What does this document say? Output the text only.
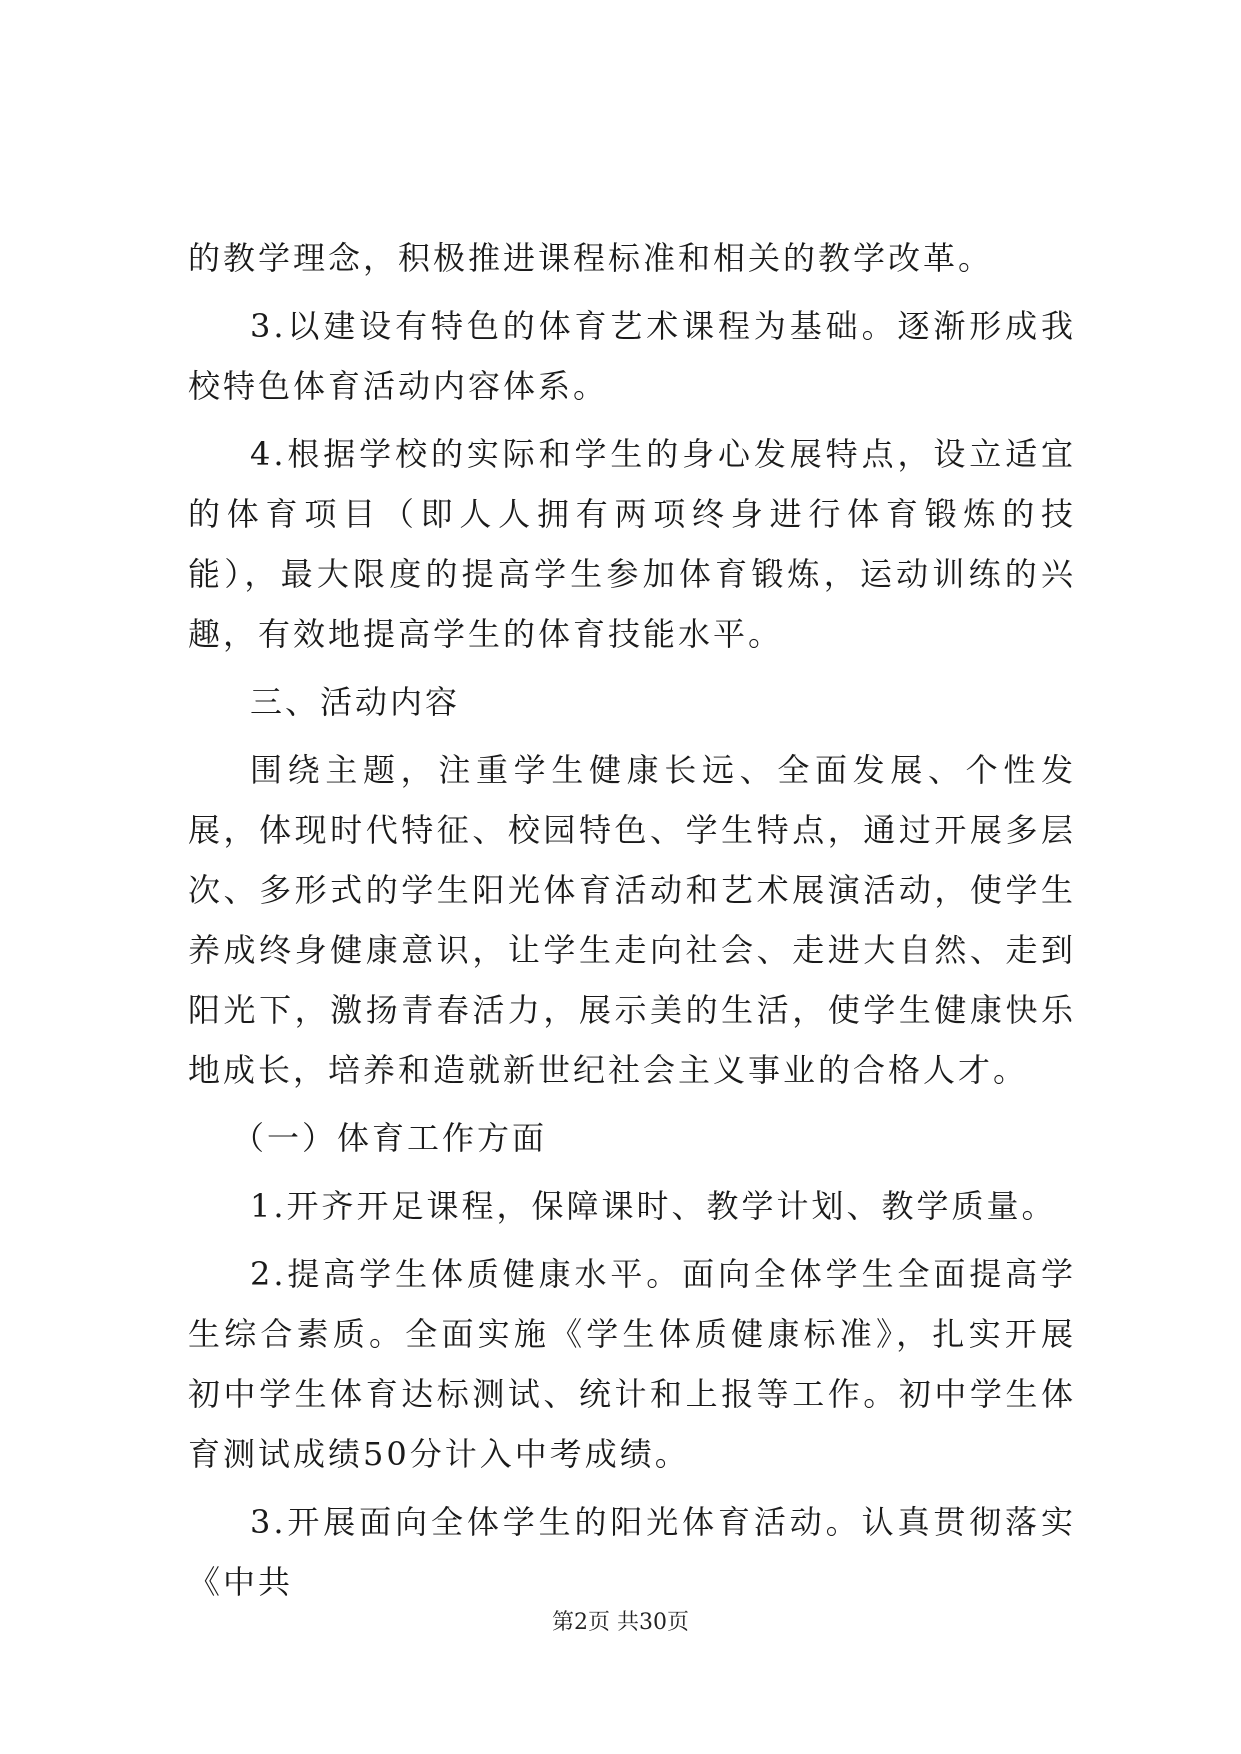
的教学理念，积极推进课程标准和相关的教学改革。

3.以建设有特色的体育艺术课程为基础。逐渐形成我校特色体育活动内容体系。

4.根据学校的实际和学生的身心发展特点，设立适宜的体育项目（即人人拥有两项终身进行体育锻炼的技能），最大限度的提高学生参加体育锻炼，运动训练的兴趣，有效地提高学生的体育技能水平。

三、活动内容

围绕主题，注重学生健康长远、全面发展、个性发展，体现时代特征、校园特色、学生特点，通过开展多层次、多形式的学生阳光体育活动和艺术展演活动，使学生养成终身健康意识，让学生走向社会、走进大自然、走到阳光下，激扬青春活力，展示美的生活，使学生健康快乐地成长，培养和造就新世纪社会主义事业的合格人才。

（一）体育工作方面

1.开齐开足课程，保障课时、教学计划、教学质量。

2.提高学生体质健康水平。面向全体学生全面提高学生综合素质。全面实施《学生体质健康标准》，扎实开展初中学生体育达标测试、统计和上报等工作。初中学生体育测试成绩50分计入中考成绩。

3.开展面向全体学生的阳光体育活动。认真贯彻落实《中共

第2页 共30页
